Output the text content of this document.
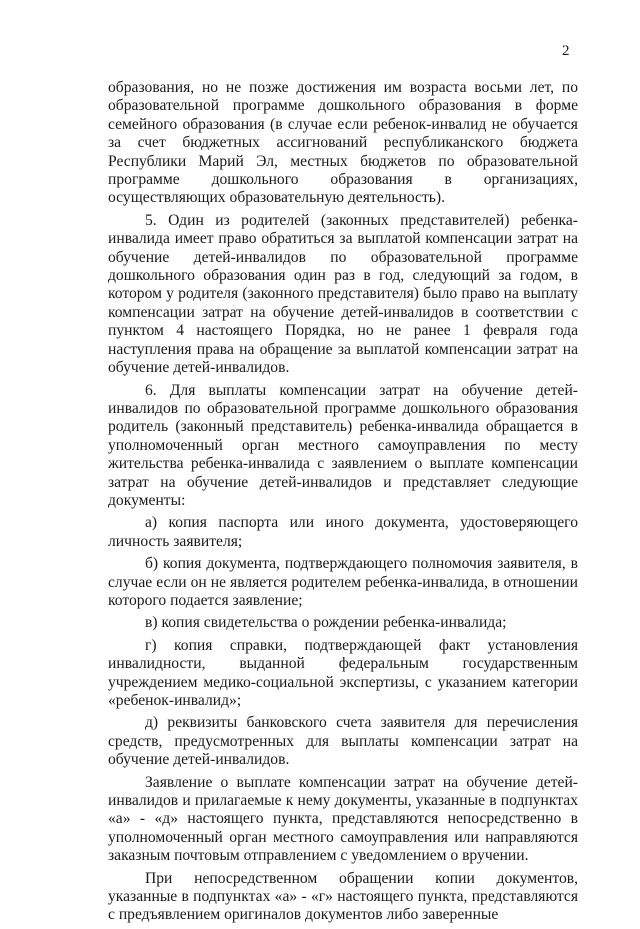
2

образования, но не позже достижения им возраста восьми лет, по образовательной программе дошкольного образования в форме семейного образования (в случае если ребенок-инвалид не обучается за счет бюджетных ассигнований республиканского бюджета Республики Марий Эл, местных бюджетов по образовательной программе дошкольного образования в организациях, осуществляющих образовательную деятельность).

5. Один из родителей (законных представителей) ребенка-инвалида имеет право обратиться за выплатой компенсации затрат на обучение детей-инвалидов по образовательной программе дошкольного образования один раз в год, следующий за годом, в котором у родителя (законного представителя) было право на выплату компенсации затрат на обучение детей-инвалидов в соответствии с пунктом 4 настоящего Порядка, но не ранее 1 февраля года наступления права на обращение за выплатой компенсации затрат на обучение детей-инвалидов.

6. Для выплаты компенсации затрат на обучение детей-инвалидов по образовательной программе дошкольного образования родитель (законный представитель) ребенка-инвалида обращается в уполномоченный орган местного самоуправления по месту жительства ребенка-инвалида с заявлением о выплате компенсации затрат на обучение детей-инвалидов и представляет следующие документы:

а) копия паспорта или иного документа, удостоверяющего личность заявителя;

б) копия документа, подтверждающего полномочия заявителя, в случае если он не является родителем ребенка-инвалида, в отношении которого подается заявление;

в) копия свидетельства о рождении ребенка-инвалида;

г) копия справки, подтверждающей факт установления инвалидности, выданной федеральным государственным учреждением медико-социальной экспертизы, с указанием категории «ребенок-инвалид»;

д) реквизиты банковского счета заявителя для перечисления средств, предусмотренных для выплаты компенсации затрат на обучение детей-инвалидов.

Заявление о выплате компенсации затрат на обучение детей-инвалидов и прилагаемые к нему документы, указанные в подпунктах «а» - «д» настоящего пункта, представляются непосредственно в уполномоченный орган местного самоуправления или направляются заказным почтовым отправлением с уведомлением о вручении.

При непосредственном обращении копии документов, указанные в подпунктах «а» - «г» настоящего пункта, представляются с предъявлением оригиналов документов либо заверенные
